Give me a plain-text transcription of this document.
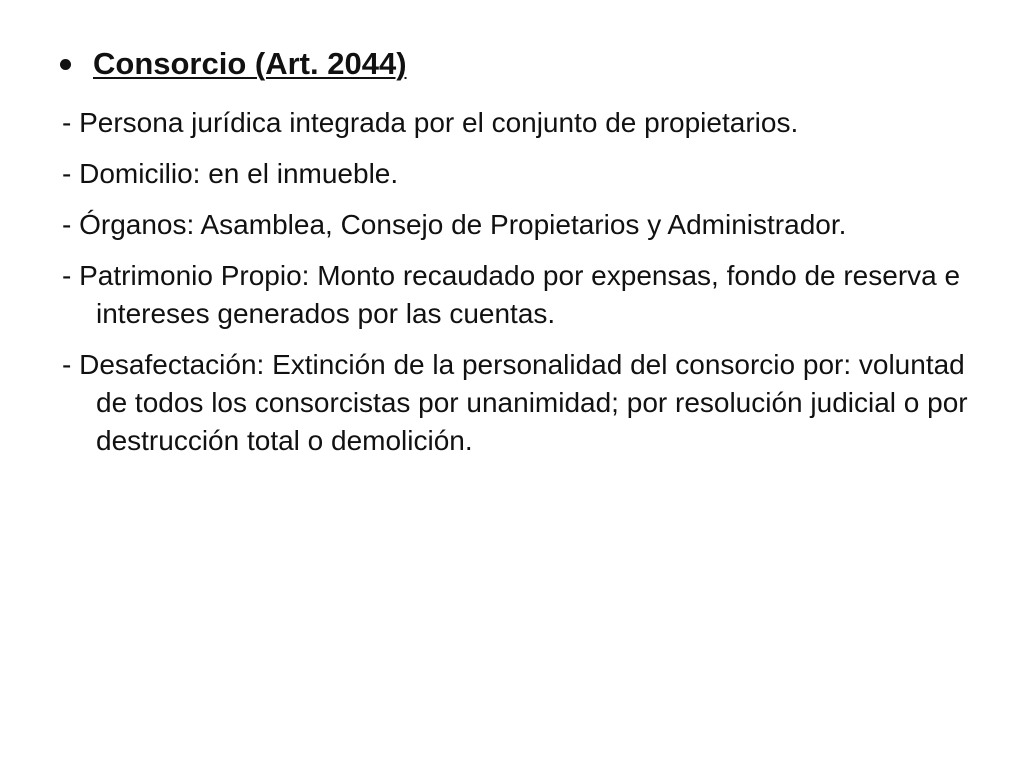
Consorcio (Art. 2044)
- Persona jurídica integrada por el conjunto de propietarios.
- Domicilio: en el inmueble.
- Órganos: Asamblea, Consejo de Propietarios y Administrador.
- Patrimonio Propio: Monto recaudado por expensas, fondo de reserva e intereses generados por las cuentas.
- Desafectación: Extinción de la personalidad del consorcio por: voluntad de todos los consorcistas por unanimidad; por resolución judicial o por destrucción total o demolición.
